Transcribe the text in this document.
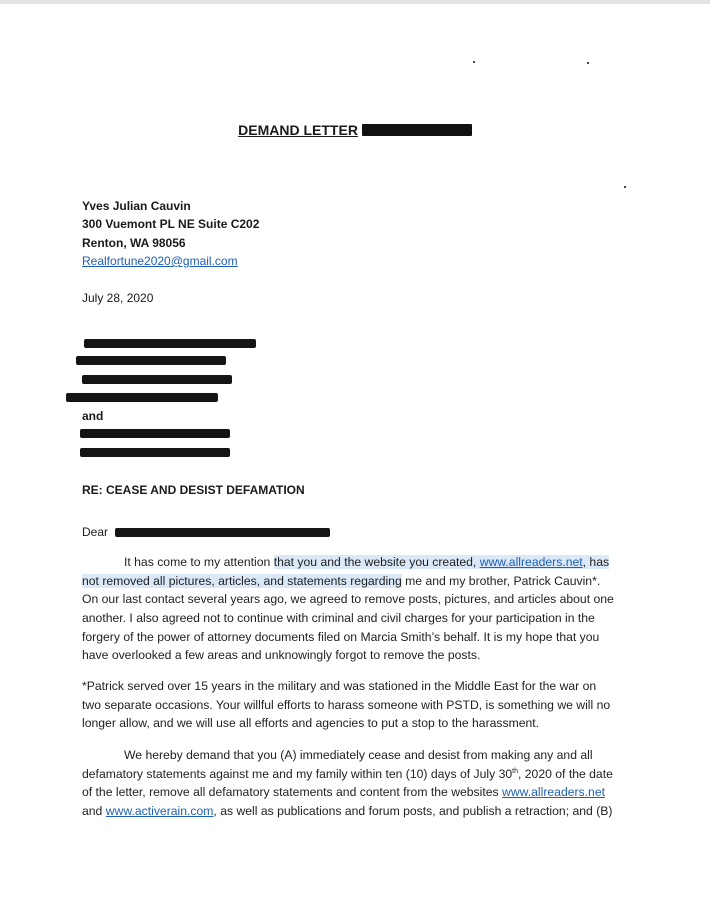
DEMAND LETTER
Yves Julian Cauvin
300 Vuemont PL NE Suite C202
Renton, WA 98056
Realfortune2020@gmail.com
July 28, 2020
and
RE: CEASE AND DESIST DEFAMATION
Dear
It has come to my attention that you and the website you created, www.allreaders.net, has
not removed all pictures, articles, and statements regarding me and my brother, Patrick Cauvin*.
On our last contact several years ago, we agreed to remove posts, pictures, and articles about one
another. I also agreed not to continue with criminal and civil charges for your participation in the
forgery of the power of attorney documents filed on Marcia Smith’s behalf. It is my hope that you
have overlooked a few areas and unknowingly forgot to remove the posts.
*Patrick served over 15 years in the military and was stationed in the Middle East for the war on
two separate occasions. Your willful efforts to harass someone with PSTD, is something we will no
longer allow, and we will use all efforts and agencies to put a stop to the harassment.
We hereby demand that you (A) immediately cease and desist from making any and all
defamatory statements against me and my family within ten (10) days of July 30th, 2020 of the date
of the letter, remove all defamatory statements and content from the websites www.allreaders.net
and www.activerain.com, as well as publications and forum posts, and publish a retraction; and (B)
